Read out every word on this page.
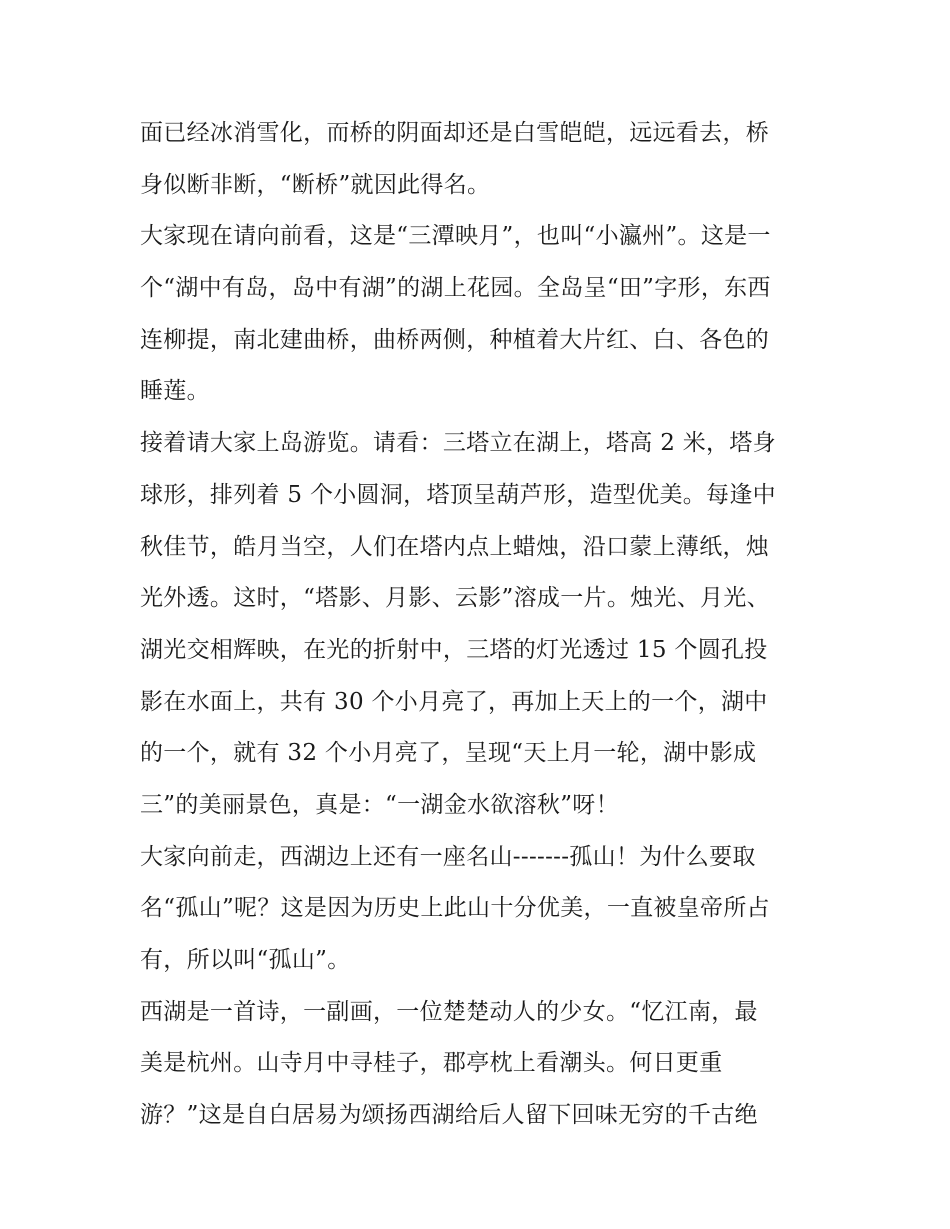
面已经冰消雪化，而桥的阴面却还是白雪皑皑，远远看去，桥
身似断非断，“断桥”就因此得名。
大家现在请向前看，这是“三潭映月”，也叫“小瀛州”。这是一
个“湖中有岛，岛中有湖”的湖上花园。全岛呈“田”字形，东西
连柳提，南北建曲桥，曲桥两侧，种植着大片红、白、各色的
睡莲。
接着请大家上岛游览。请看：三塔立在湖上，塔高 2 米，塔身
球形，排列着 5 个小圆洞，塔顶呈葫芦形，造型优美。每逢中
秋佳节，皓月当空，人们在塔内点上蜡烛，沿口蒙上薄纸，烛
光外透。这时，“塔影、月影、云影”溶成一片。烛光、月光、
湖光交相辉映，在光的折射中，三塔的灯光透过 15 个圆孔投
影在水面上，共有 30 个小月亮了，再加上天上的一个，湖中
的一个，就有 32 个小月亮了，呈现“天上月一轮，湖中影成
三”的美丽景色，真是：“一湖金水欲溶秋”呀！
大家向前走，西湖边上还有一座名山-------孤山！为什么要取
名“孤山”呢？这是因为历史上此山十分优美，一直被皇帝所占
有，所以叫“孤山”。
西湖是一首诗，一副画，一位楚楚动人的少女。“忆江南，最
美是杭州。山寺月中寻桂子，郡亭枕上看潮头。何日更重
游？”这是自白居易为颂扬西湖给后人留下回味无穷的千古绝
